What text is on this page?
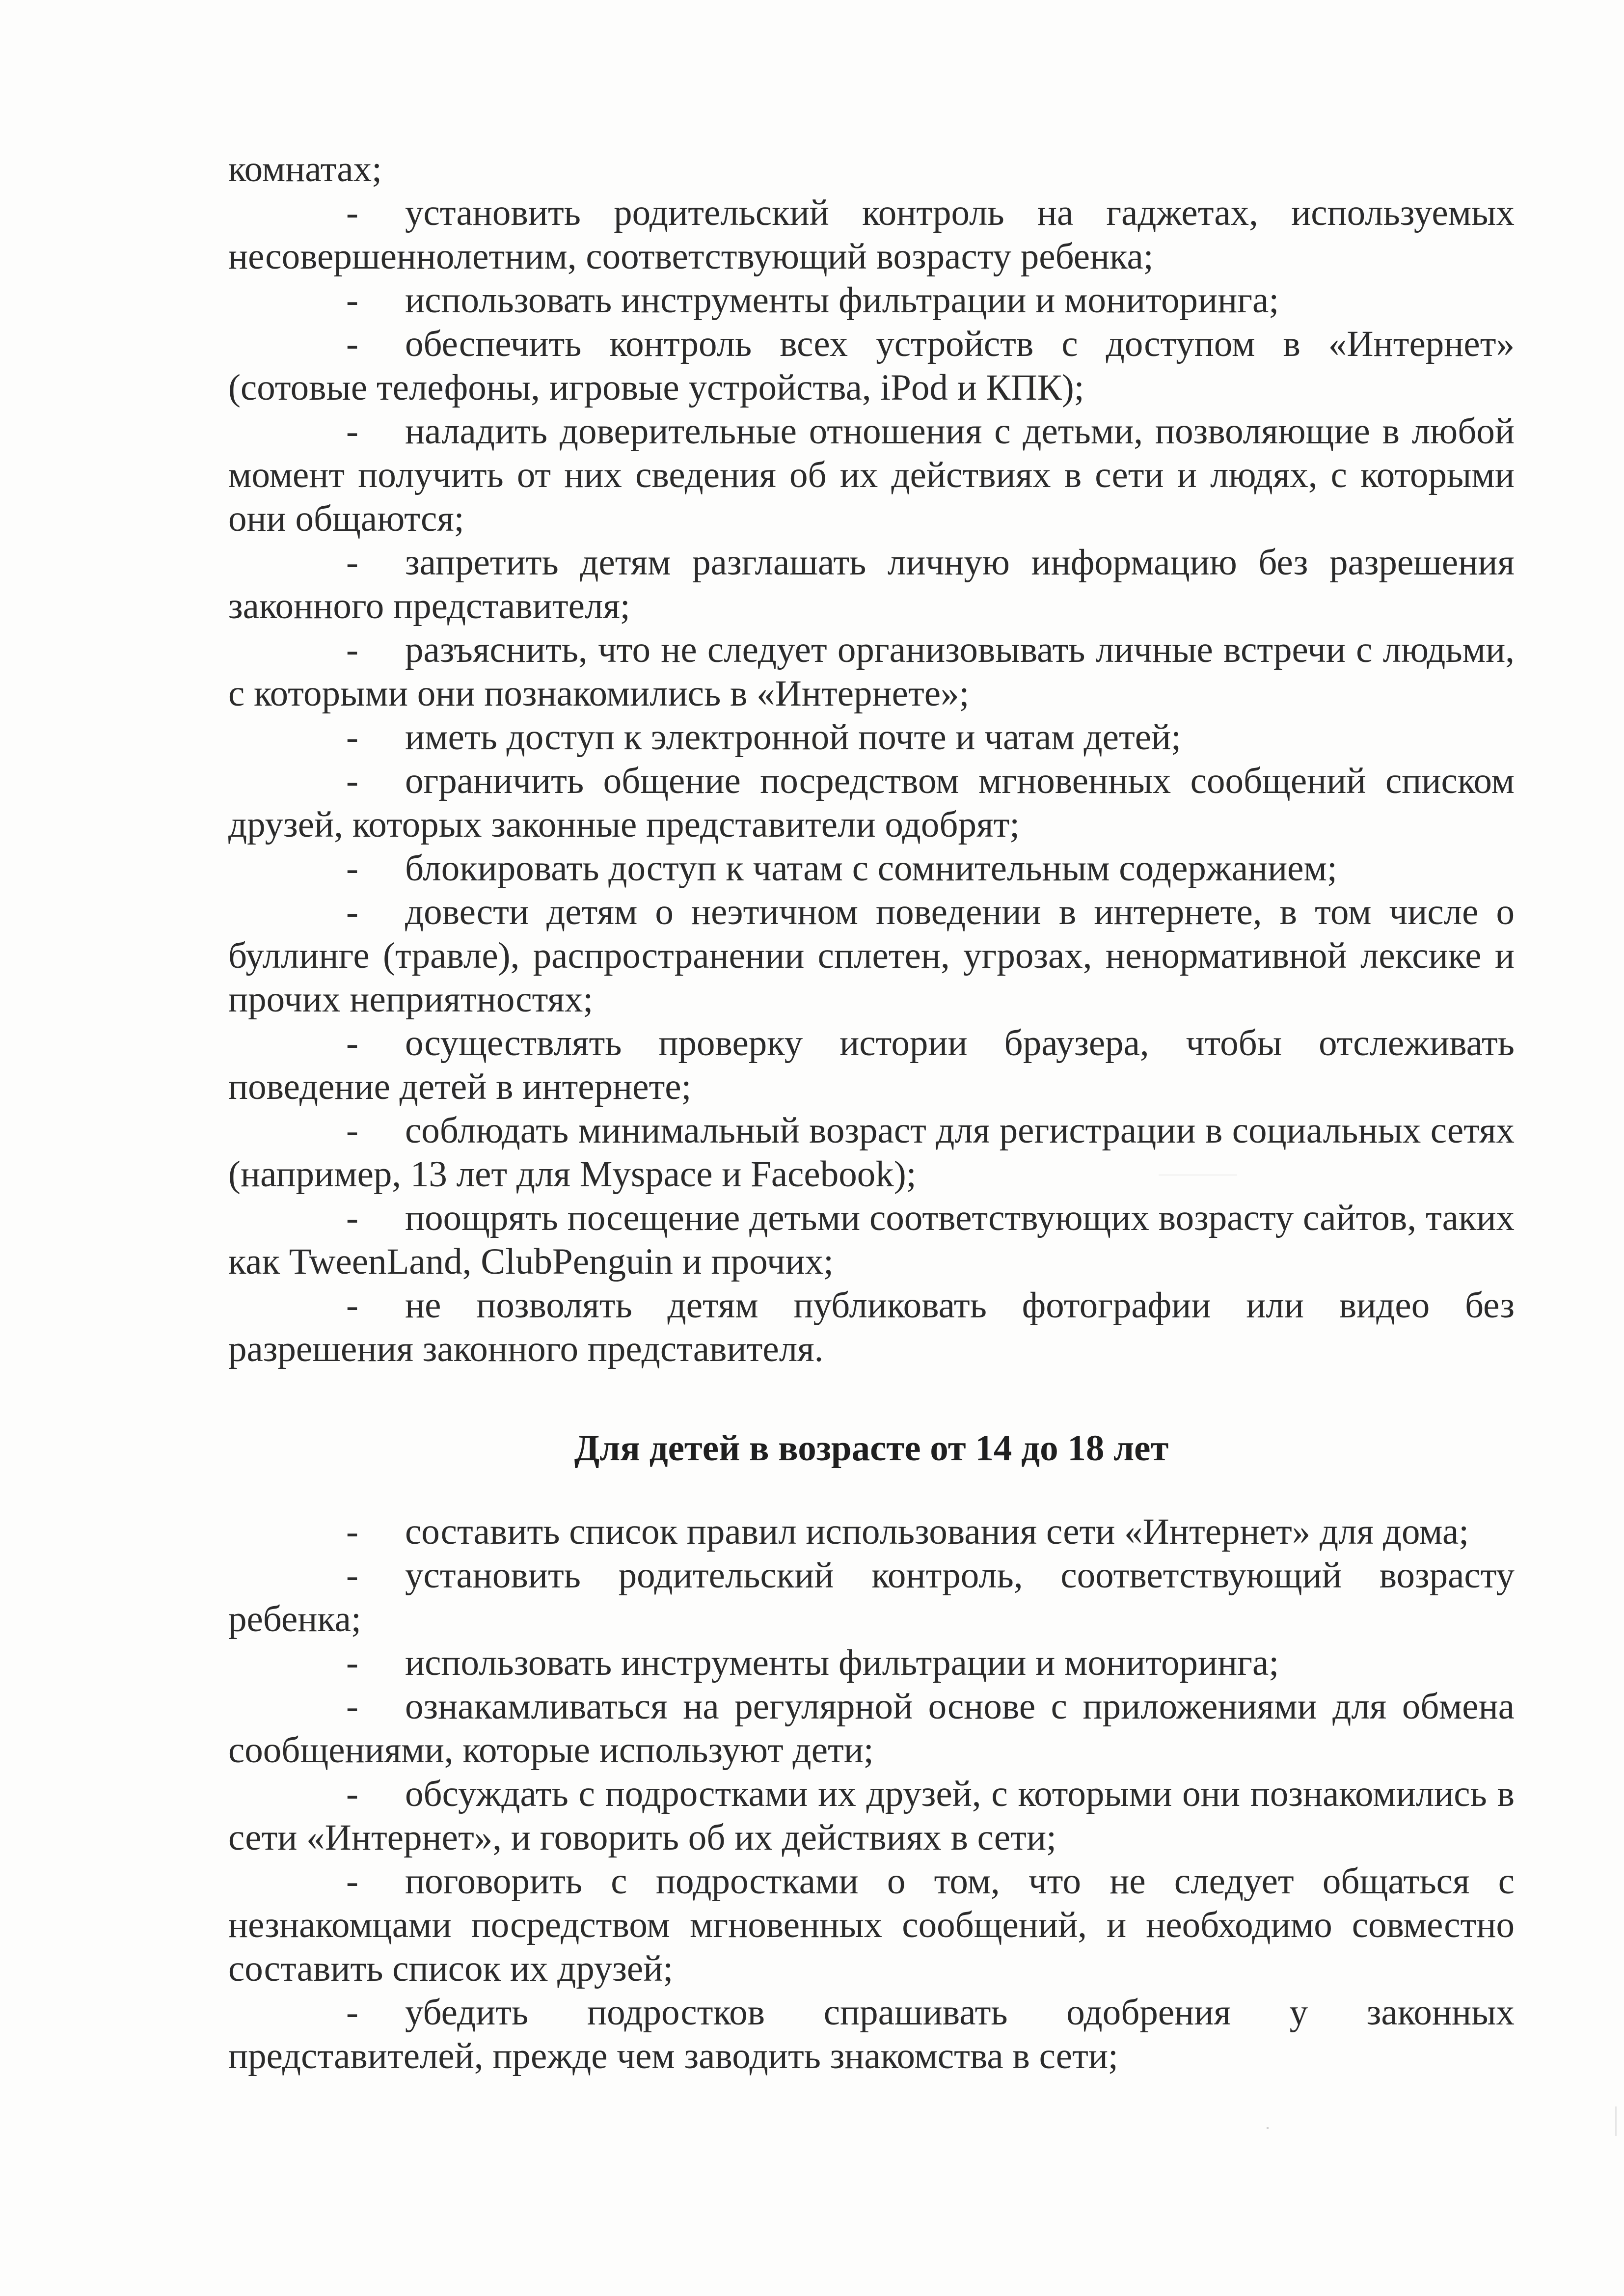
комнатах;

- установить родительский контроль на гаджетах, используемых несовершеннолетним, соответствующий возрасту ребенка;

- использовать инструменты фильтрации и мониторинга;

- обеспечить контроль всех устройств с доступом в «Интернет» (сотовые телефоны, игровые устройства, iPod и КПК);

- наладить доверительные отношения с детьми, позволяющие в любой момент получить от них сведения об их действиях в сети и людях, с которыми они общаются;

- запретить детям разглашать личную информацию без разрешения законного представителя;

- разъяснить, что не следует организовывать личные встречи с людьми, с которыми они познакомились в «Интернете»;

- иметь доступ к электронной почте и чатам детей;

- ограничить общение посредством мгновенных сообщений списком друзей, которых законные представители одобрят;

- блокировать доступ к чатам с сомнительным содержанием;

- довести детям о неэтичном поведении в интернете, в том числе о буллинге (травле), распространении сплетен, угрозах, ненормативной лексике и прочих неприятностях;

- осуществлять проверку истории браузера, чтобы отслеживать поведение детей в интернете;

- соблюдать минимальный возраст для регистрации в социальных сетях (например, 13 лет для Myspace и Facebook);

- поощрять посещение детьми соответствующих возрасту сайтов, таких как TweenLand, ClubPenguin и прочих;

- не позволять детям публиковать фотографии или видео без разрешения законного представителя.

Для детей в возрасте от 14 до 18 лет

- составить список правил использования сети «Интернет» для дома;

- установить родительский контроль, соответствующий возрасту ребенка;

- использовать инструменты фильтрации и мониторинга;

- ознакамливаться на регулярной основе с приложениями для обмена сообщениями, которые используют дети;

- обсуждать с подростками их друзей, с которыми они познакомились в сети «Интернет», и говорить об их действиях в сети;

- поговорить с подростками о том, что не следует общаться с незнакомцами посредством мгновенных сообщений, и необходимо совместно составить список их друзей;

- убедить подростков спрашивать одобрения у законных представителей, прежде чем заводить знакомства в сети;
